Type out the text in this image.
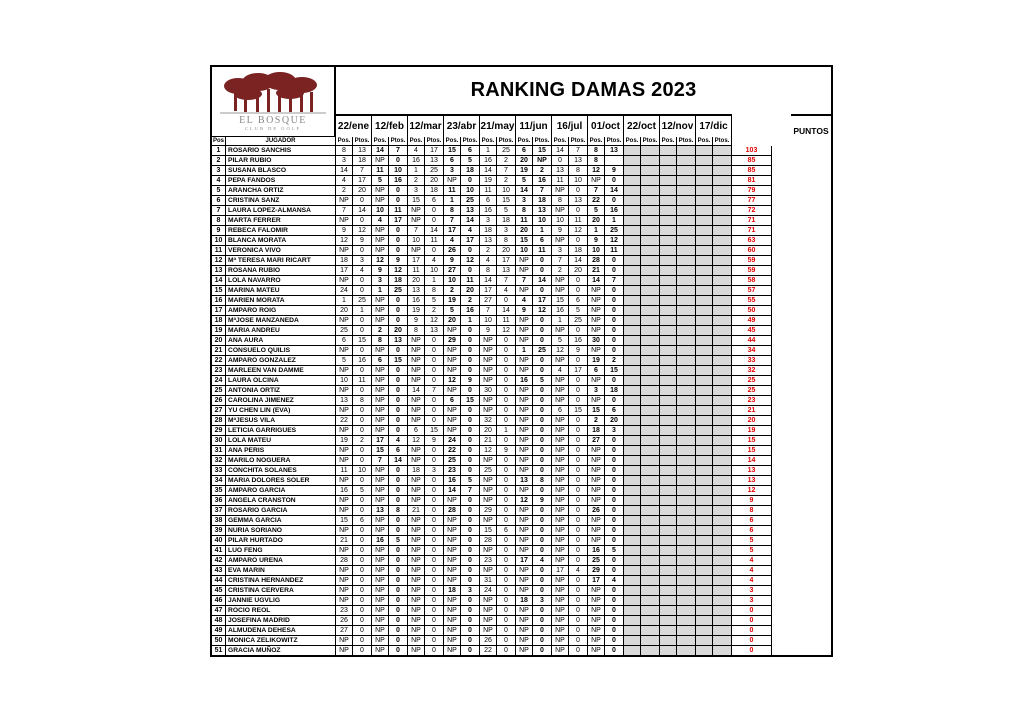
EL BOSQUE
CLUB DE GOLF
RANKING DAMAS 2023
22/ene 12/feb 12/mar 23/abr 21/may 11/jun 16/jul 01/oct 22/oct 12/nov 17/dic	PUNTOS
Pos	JUGADOR	Pos. Ptos. Pos. Ptos. Pos. Ptos. Pos. Ptos. Pos. Ptos. Pos. Ptos. Pos. Ptos. Pos. Ptos. Pos. Ptos. Pos. Ptos. Pos. Ptos.
1	ROSARIO SANCHIS	8	13	14	7	4	17	15	6	1	25	6	15	14	7	8	13	103
2	PILAR RUBIO	3	18	NP	0	16	13	6	5	16	2	20	NP	0	13	8	85
3	SUSANA BLASCO	14	7	11	10	1	25	3	18	14	7	19	2	13	8	12	9	85
4	PEPA FANDOS	4	17	5	16	2	20	NP	0	19	2	5	16	11	10	NP	0	81
5	ARANCHA ORTIZ	2	20	NP	0	3	18	11	10	11	10	14	7	NP	0	7	14	79
6	CRISTINA SANZ	NP	0	NP	0	15	6	1	25	6	15	3	18	8	13	22	0	77
7	LAURA LOPEZ-ALMANSA	7	14	10	11	NP	0	8	13	16	5	8	13	NP	0	5	16	72
8	MARTA FERRER	NP	0	4	17	NP	0	7	14	3	18	11	10	10	11	20	1	71
9	REBECA FALOMIR	9	12	NP	0	7	14	17	4	18	3	20	1	9	12	1	25	71
10 BLANCA MORATA	12	9	NP	0	10	11	4	17	13	8	15	6	NP	0	9	12	63
11 VERONICA VIVO	NP	0	NP	0	NP	0	26	0	2	20	10	11	3	18	10	11	60
12 Mª TERESA MARI RICART	18	3	12	9	17	4	9	12	4	17	NP	0	7	14	28	0	59
13 ROSANA RUBIO	17	4	9	12	11	10	27	0	8	13	NP	0	2	20	21	0	59
14 LOLA NAVARRO	NP	0	3	18	20	1	10	11	14	7	7	14	NP	0	14	7	58
15 MARINA MATEU	24	0	1	25	13	8	2	20	17	4	NP	0	NP	0	NP	0	57
16 MARIEN MORATA	1	25	NP	0	16	5	19	2	27	0	4	17	15	6	NP	0	55
17 AMPARO ROIG	20	1	NP	0	19	2	5	16	7	14	9	12	16	5	NP	0	50
18 MªJOSE MANZANEDA	NP	0	NP	0	9	12	20	1	10	11	NP	0	1	25	NP	0	49
19 MARIA ANDREU	25	0	2	20	8	13	NP	0	9	12	NP	0	NP	0	NP	0	45
20 ANA AURA	6	15	8	13	NP	0	29	0	NP	0	NP	0	5	16	30	0	44
21 CONSUELO QUILIS	NP	0	NP	0	NP	0	NP	0	NP	0	1	25	12	9	NP	0	34
22 AMPARO GONZALEZ	5	16	6	15	NP	0	NP	0	NP	0	NP	0	NP	0	19	2	33
23 MARLEEN VAN DAMME	NP	0	NP	0	NP	0	NP	0	NP	0	NP	0	4	17	6	15	32
24 LAURA OLCINA	10	11	NP	0	NP	0	12	9	NP	0	16	5	NP	0	NP	0	25
25 ANTONIA ORTIZ	NP	0	NP	0	14	7	NP	0	30	0	NP	0	NP	0	3	18	25
26 CAROLINA JIMENEZ	13	8	NP	0	NP	0	6	15	NP	0	NP	0	NP	0	NP	0	23
27 YU CHEN LIN (EVA)	NP	0	NP	0	NP	0	NP	0	NP	0	NP	0	6	15	15	6	21
28 MªJESUS VILA	22	0	NP	0	NP	0	NP	0	32	0	NP	0	NP	0	2	20	20
29 LETICIA GARRIGUES	NP	0	NP	0	6	15	NP	0	20	1	NP	0	NP	0	18	3	19
30 LOLA MATEU	19	2	17	4	12	9	24	0	21	0	NP	0	NP	0	27	0	15
31 ANA PERIS	NP	0	15	6	NP	0	22	0	12	9	NP	0	NP	0	NP	0	15
32 MARILO NOGUERA	NP	0	7	14	NP	0	25	0	NP	0	NP	0	NP	0	NP	0	14
33 CONCHITA SOLANES	11	10	NP	0	18	3	23	0	25	0	NP	0	NP	0	NP	0	13
34 MARIA DOLORES SOLER	NP	0	NP	0	NP	0	16	5	NP	0	13	8	NP	0	NP	0	13
35 AMPARO GARCIA	16	5	NP	0	NP	0	14	7	NP	0	NP	0	NP	0	NP	0	12
36 ANGELA CRANSTON	NP	0	NP	0	NP	0	NP	0	NP	0	12	9	NP	0	NP	0	9
37 ROSARIO GARCIA	NP	0	13	8	21	0	28	0	29	0	NP	0	NP	0	26	0	8
38 GEMMA GARCIA	15	6	NP	0	NP	0	NP	0	NP	0	NP	0	NP	0	NP	0	6
39 NURIA SORIANO	NP	0	NP	0	NP	0	NP	0	15	6	NP	0	NP	0	NP	0	6
40 PILAR HURTADO	21	0	16	5	NP	0	NP	0	28	0	NP	0	NP	0	NP	0	5
41 LUO FENG	NP	0	NP	0	NP	0	NP	0	NP	0	NP	0	NP	0	16	5	5
42 AMPARO URENA	28	0	NP	0	NP	0	NP	0	23	0	17	4	NP	0	25	0	4
43 EVA MARIN	NP	0	NP	0	NP	0	NP	0	NP	0	NP	0	17	4	29	0	4
44 CRISTINA HERNANDEZ	NP	0	NP	0	NP	0	NP	0	31	0	NP	0	NP	0	17	4	4
45 CRISTINA CERVERA	NP	0	NP	0	NP	0	18	3	24	0	NP	0	NP	0	NP	0	3
46 JANNIE UGVLIG	NP	0	NP	0	NP	0	NP	0	NP	0	18	3	NP	0	NP	0	3
47 ROCIO REOL	23	0	NP	0	NP	0	NP	0	NP	0	NP	0	NP	0	NP	0	0
48 JOSEFINA MADRID	26	0	NP	0	NP	0	NP	0	NP	0	NP	0	NP	0	NP	0	0
49 ALMUDENA DEHESA	27	0	NP	0	NP	0	NP	0	NP	0	NP	0	NP	0	NP	0	0
50 MONICA ZELIKOWITZ	NP	0	NP	0	NP	0	NP	0	26	0	NP	0	NP	0	NP	0	0
51 GRACIA MUÑOZ	NP	0	NP	0	NP	0	NP	0	22	0	NP	0	NP	0	NP	0	0
